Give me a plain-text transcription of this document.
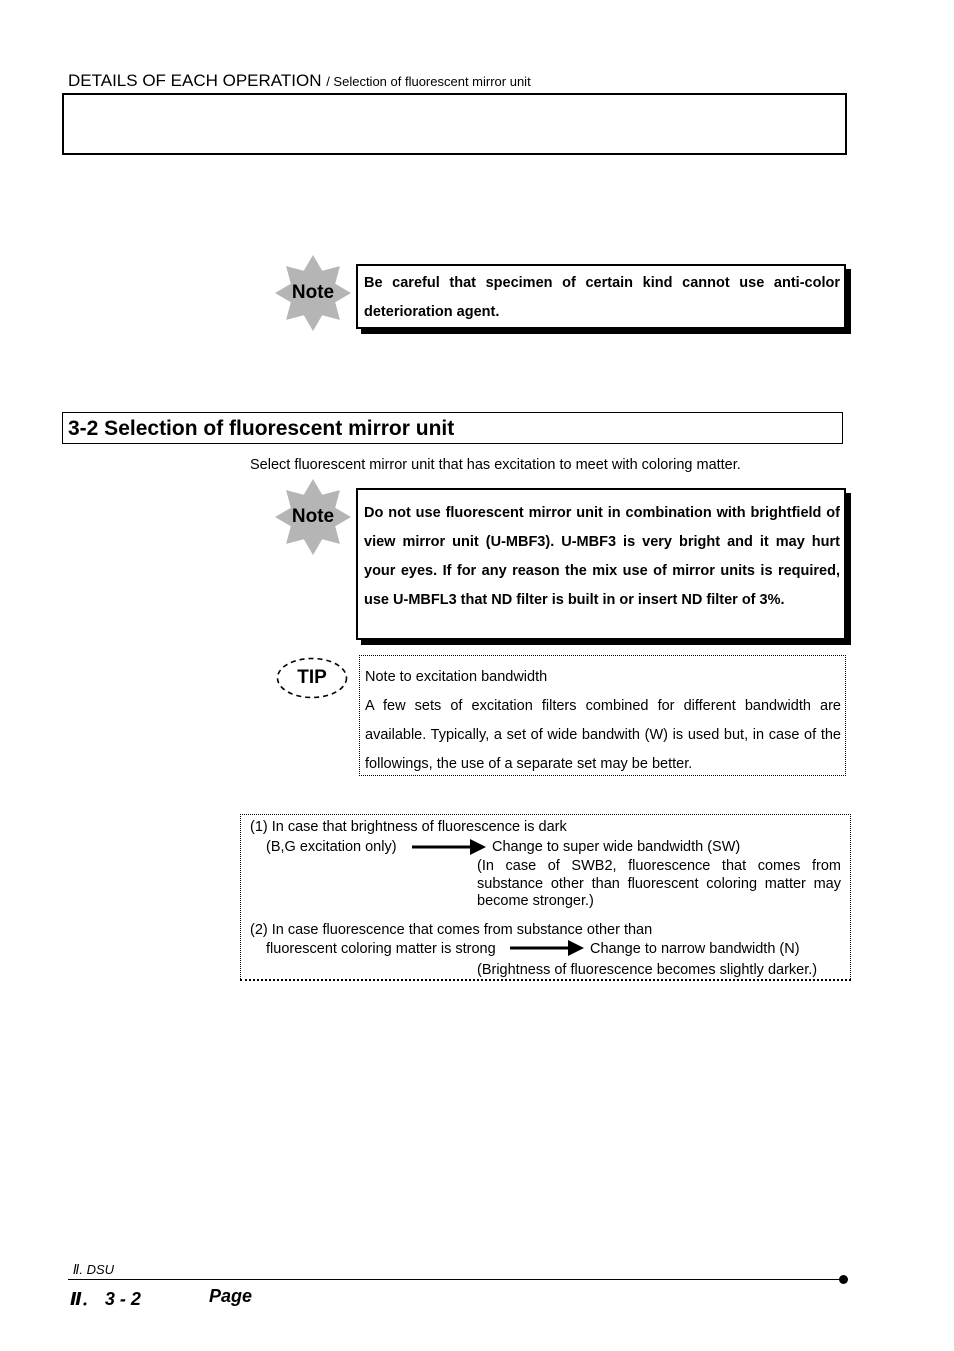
DETAILS OF EACH OPERATION / Selection of fluorescent mirror unit
Note	Be careful that specimen of certain kind cannot use anti-color deterioration agent.
3-2 Selection of fluorescent mirror unit
Select fluorescent mirror unit that has excitation to meet with coloring matter.
Note	Do not use fluorescent mirror unit in combination with brightfield of view mirror unit (U-MBF3). U-MBF3 is very bright and it may hurt your eyes. If for any reason the mix use of mirror units is required, use U-MBFL3 that ND filter is built in or insert ND filter of 3%.
TIP	Note to excitation bandwidth
A few sets of excitation filters combined for different bandwidth are available. Typically, a set of wide bandwith (W) is used but, in case of the followings, the use of a separate set may be better.
(1) In case that brightness of fluorescence is dark
(B,G excitation only)	Change to super wide bandwidth (SW)
(In case of SWB2, fluorescence that comes from substance other than fluorescent coloring matter may become stronger.)
(2) In case fluorescence that comes from substance other than
fluorescent coloring matter is strong	Change to narrow bandwidth (N)
(Brightness of fluorescence becomes slightly darker.)
Ⅱ. DSU
Ⅱ． 3 - 2	Page
